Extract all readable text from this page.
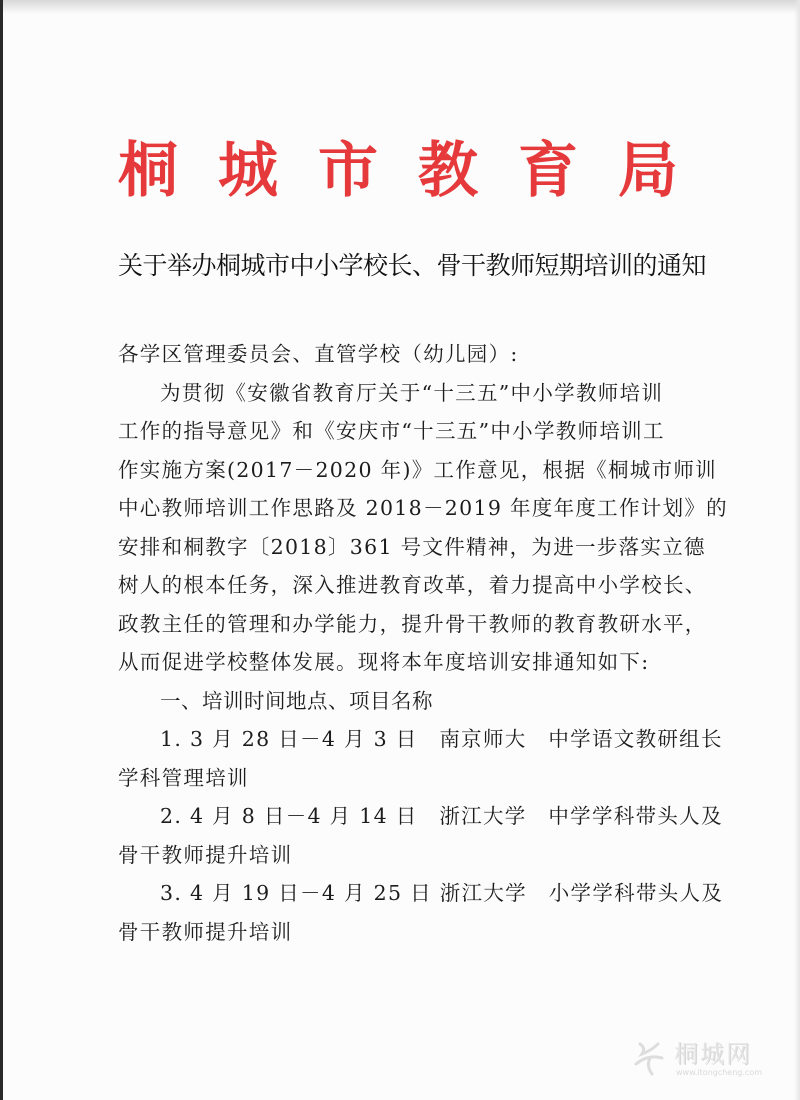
桐 城 市 教 育 局
关于举办桐城市中小学校长、骨干教师短期培训的通知
各学区管理委员会、直管学校（幼儿园）:
为贯彻《安徽省教育厅关于“十三五”中小学教师培训
工作的指导意见》和《安庆市“十三五”中小学教师培训工
作实施方案(2017－2020 年)》工作意见，根据《桐城市师训
中心教师培训工作思路及 2018－2019 年度年度工作计划》的
安排和桐教字〔2018〕361 号文件精神，为进一步落实立德
树人的根本任务，深入推进教育改革，着力提高中小学校长、
政教主任的管理和办学能力，提升骨干教师的教育教研水平，
从而促进学校整体发展。现将本年度培训安排通知如下:
一、培训时间地点、项目名称
1. 3 月 28 日－4 月 3 日　南京师大　中学语文教研组长
学科管理培训
2. 4 月 8 日－4 月 14 日　浙江大学　中学学科带头人及
骨干教师提升培训
3. 4 月 19 日－4 月 25 日 浙江大学　小学学科带头人及
骨干教师提升培训
桐城网
www.itongcheng.com
